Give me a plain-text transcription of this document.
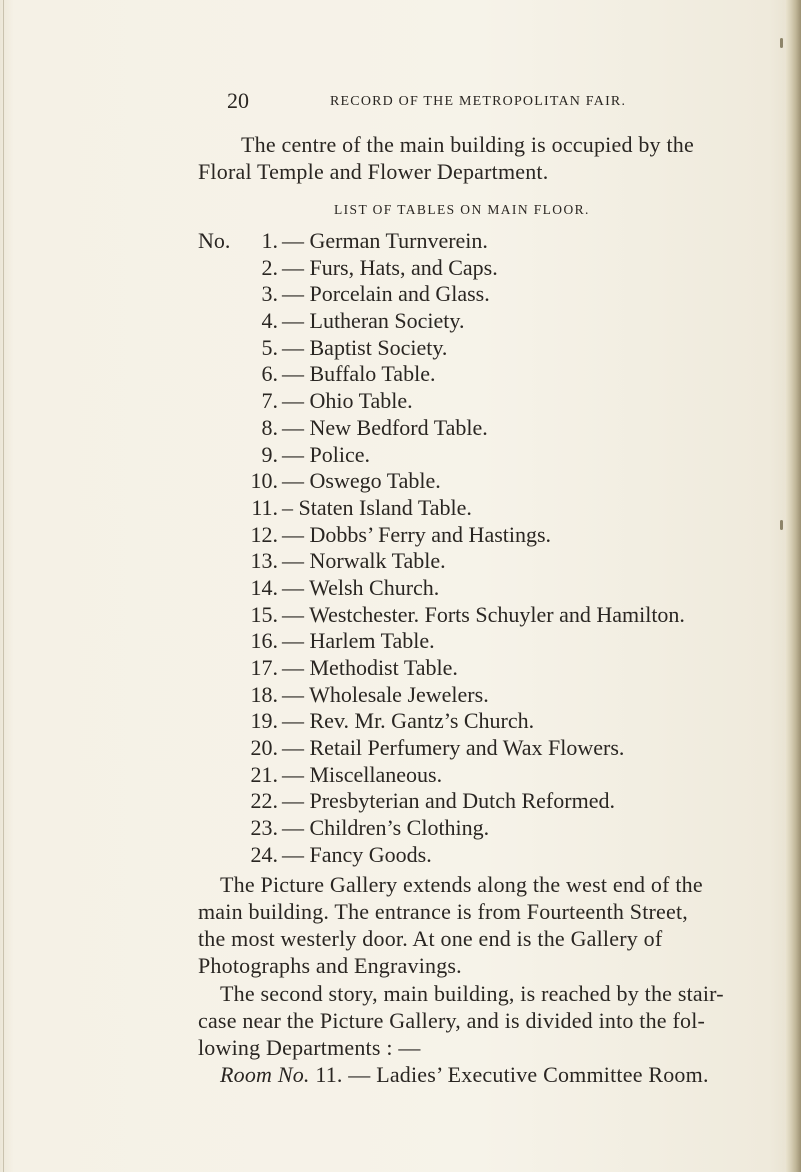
20	RECORD OF THE METROPOLITAN FAIR.
The centre of the main building is occupied by the
Floral Temple and Flower Department.
LIST OF TABLES ON MAIN FLOOR.
No.	1. — German Turnverein.
2. — Furs, Hats, and Caps.
3. — Porcelain and Glass.
4. — Lutheran Society.
5. — Baptist Society.
6. — Buffalo Table.
7. — Ohio Table.
8. — New Bedford Table.
9. — Police.
10. — Oswego Table.
11. – Staten Island Table.
12. — Dobbs’ Ferry and Hastings.
13. — Norwalk Table.
14. — Welsh Church.
15. — Westchester. Forts Schuyler and Hamilton.
16. — Harlem Table.
17. — Methodist Table.
18. — Wholesale Jewelers.
19. — Rev. Mr. Gantz’s Church.
20. — Retail Perfumery and Wax Flowers.
21. — Miscellaneous.
22. — Presbyterian and Dutch Reformed.
23. — Children’s Clothing.
24. — Fancy Goods.
The Picture Gallery extends along the west end of the
main building. The entrance is from Fourteenth Street,
the most westerly door. At one end is the Gallery of
Photographs and Engravings.
The second story, main building, is reached by the stair-
case near the Picture Gallery, and is divided into the fol-
lowing Departments : —
Room No. 11. — Ladies’ Executive Committee Room.
